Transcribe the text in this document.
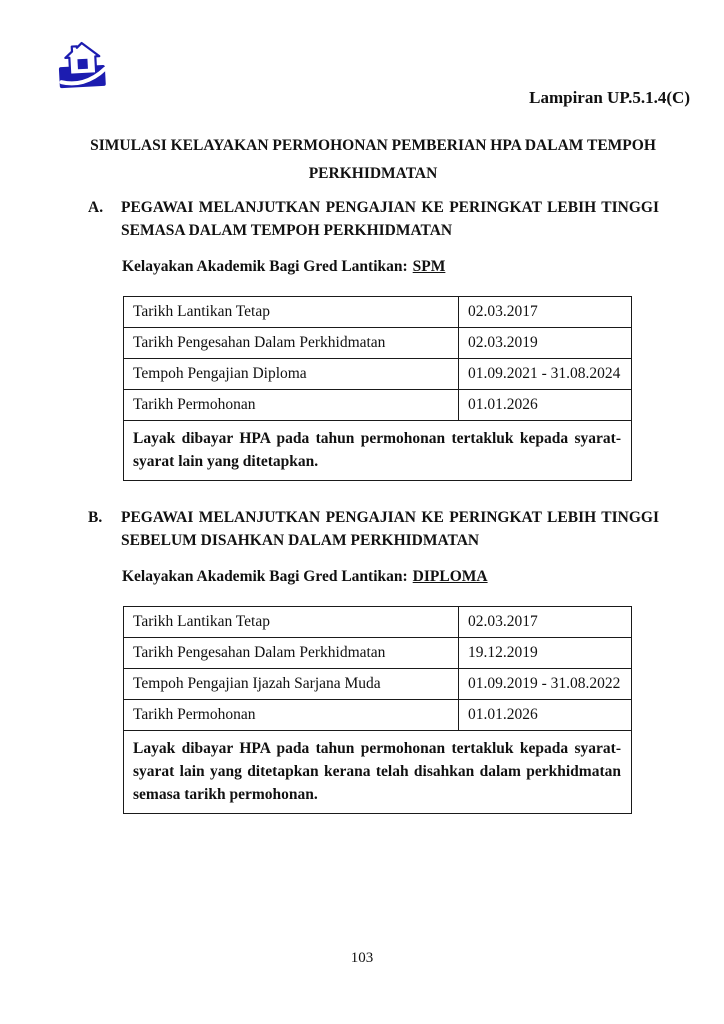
Lampiran UP.5.1.4(C)
SIMULASI KELAYAKAN PERMOHONAN PEMBERIAN HPA DALAM TEMPOH
PERKHIDMATAN
A.	PEGAWAI MELANJUTKAN PENGAJIAN KE PERINGKAT LEBIH TINGGI SEMASA DALAM TEMPOH PERKHIDMATAN
Kelayakan Akademik Bagi Gred Lantikan: SPM
Tarikh Lantikan Tetap	02.03.2017
Tarikh Pengesahan Dalam Perkhidmatan	02.03.2019
Tempoh Pengajian Diploma	01.09.2021 - 31.08.2024
Tarikh Permohonan	01.01.2026
Layak dibayar HPA pada tahun permohonan tertakluk kepada syarat-syarat lain yang ditetapkan.	
B.	PEGAWAI MELANJUTKAN PENGAJIAN KE PERINGKAT LEBIH TINGGI SEBELUM DISAHKAN DALAM PERKHIDMATAN
Kelayakan Akademik Bagi Gred Lantikan: DIPLOMA
Tarikh Lantikan Tetap	02.03.2017
Tarikh Pengesahan Dalam Perkhidmatan	19.12.2019
Tempoh Pengajian Ijazah Sarjana Muda	01.09.2019 - 31.08.2022
Tarikh Permohonan	01.01.2026
Layak dibayar HPA pada tahun permohonan tertakluk kepada syarat-syarat lain yang ditetapkan kerana telah disahkan dalam perkhidmatan semasa tarikh permohonan.	
103
